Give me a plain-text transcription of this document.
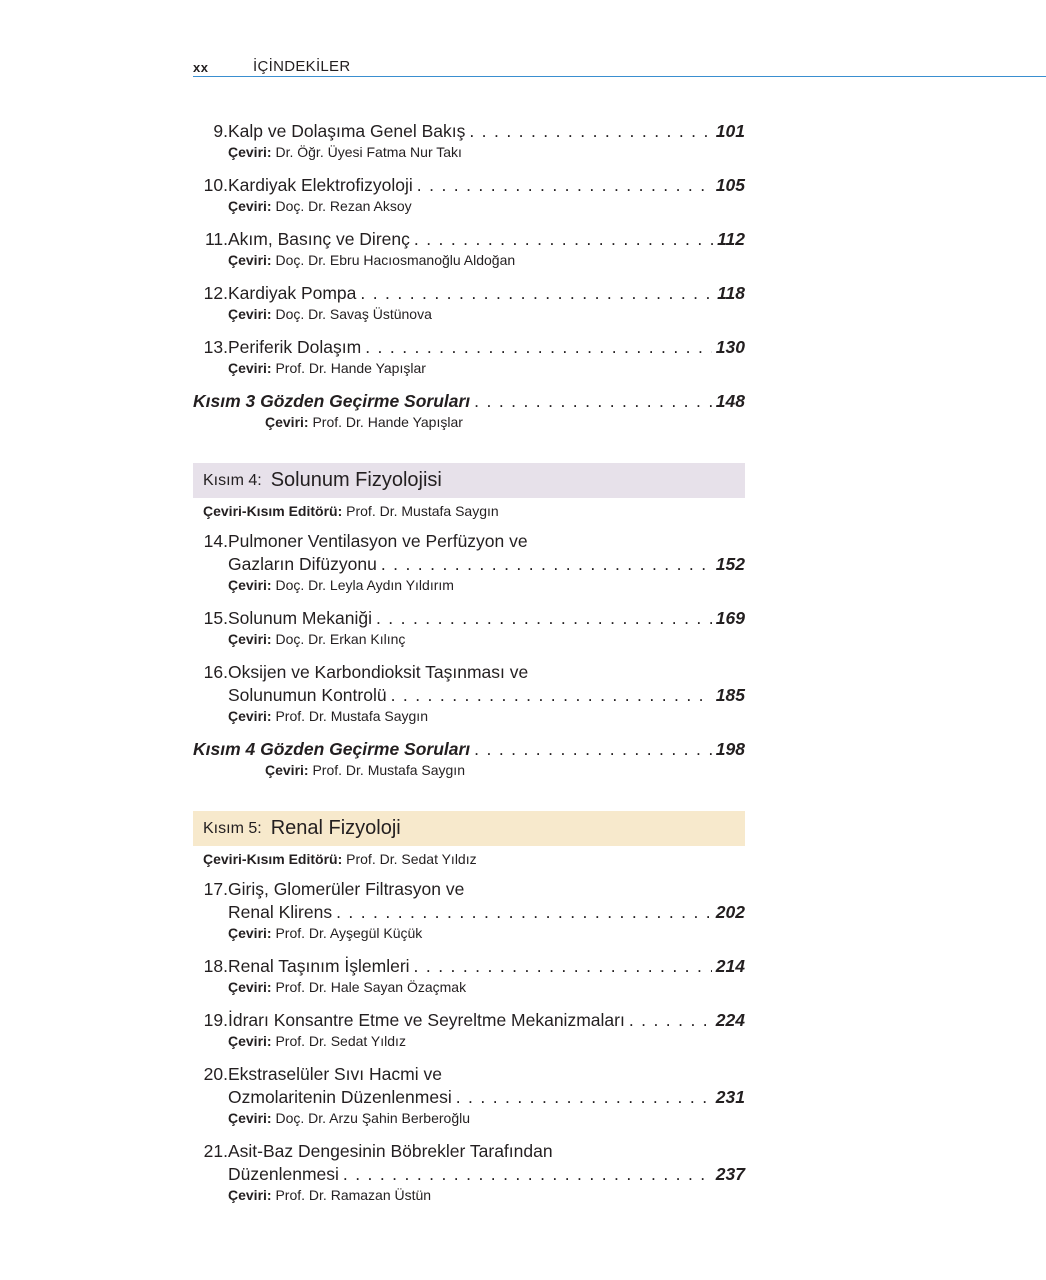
xx	İÇİNDEKİLER
9. Kalp ve Dolaşıma Genel Bakış . . .	101
Çeviri: Dr. Öğr. Üyesi Fatma Nur Takı
10. Kardiyak Elektrofizyoloji . . .	105
Çeviri: Doç. Dr. Rezan Aksoy
11. Akım, Basınç ve Direnç . . .	112
Çeviri: Doç. Dr. Ebru Hacıosmanoğlu Aldoğan
12. Kardiyak Pompa . . .	118
Çeviri: Doç. Dr. Savaş Üstünova
13. Periferik Dolaşım . . .	130
Çeviri: Prof. Dr. Hande Yapışlar
Kısım 3 Gözden Geçirme Soruları . . .	148
Çeviri: Prof. Dr. Hande Yapışlar
Kısım 4: Solunum Fizyolojisi
Çeviri-Kısım Editörü: Prof. Dr. Mustafa Saygın
14. Pulmoner Ventilasyon ve Perfüzyon ve
Gazların Difüzyonu . . .	152
Çeviri: Doç. Dr. Leyla Aydın Yıldırım
15. Solunum Mekaniği . . .	169
Çeviri: Doç. Dr. Erkan Kılınç
16. Oksijen ve Karbondioksit Taşınması ve
Solunumun Kontrolü . . .	185
Çeviri: Prof. Dr. Mustafa Saygın
Kısım 4 Gözden Geçirme Soruları . . .	198
Çeviri: Prof. Dr. Mustafa Saygın
Kısım 5: Renal Fizyoloji
Çeviri-Kısım Editörü: Prof. Dr. Sedat Yıldız
17. Giriş, Glomerüler Filtrasyon ve
Renal Klirens . . .	202
Çeviri: Prof. Dr. Ayşegül Küçük
18. Renal Taşınım İşlemleri . . .	214
Çeviri: Prof. Dr. Hale Sayan Özaçmak
19. İdrarı Konsantre Etme ve Seyreltme Mekanizmaları . . .	224
Çeviri: Prof. Dr. Sedat Yıldız
20. Ekstraselüler Sıvı Hacmi ve
Ozmolaritenin Düzenlenmesi . . .	231
Çeviri: Doç. Dr. Arzu Şahin Berberoğlu
21. Asit-Baz Dengesinin Böbrekler Tarafından
Düzenlenmesi . . .	237
Çeviri: Prof. Dr. Ramazan Üstün
